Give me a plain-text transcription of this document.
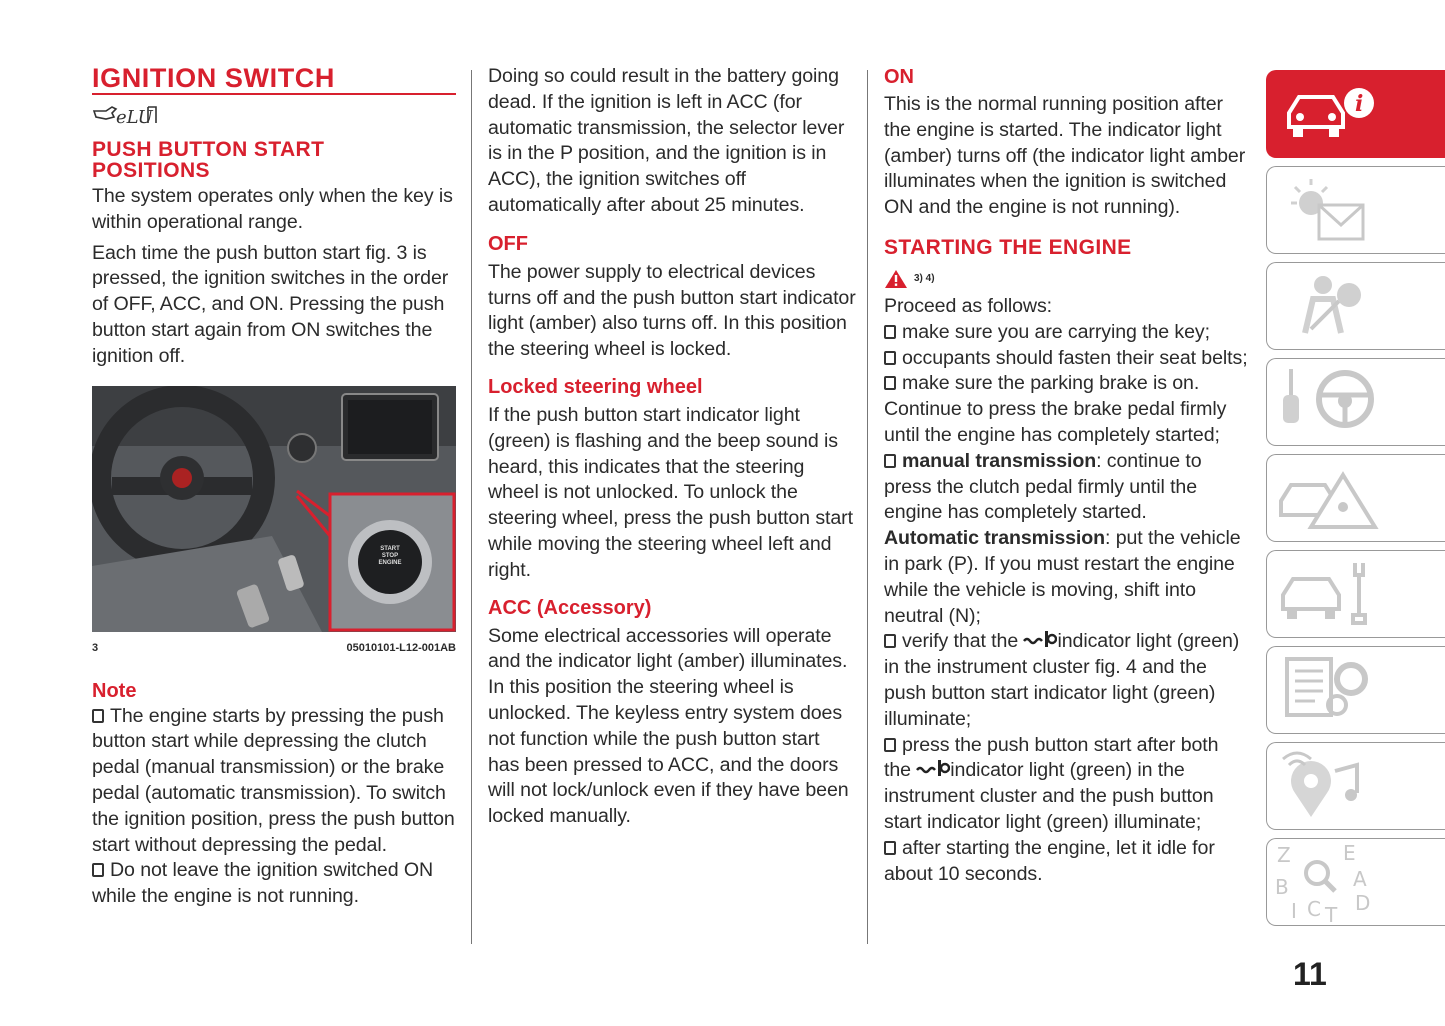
IGNITION SWITCH
eLU
PUSH BUTTON START
POSITIONS

The system operates only when the key is within operational range.

Each time the push button start fig. 3 is pressed, the ignition switches in the order of OFF, ACC, and ON. Pressing the push button start again from ON switches the ignition off.

START
STOP
ENGINE
3	05010101-L12-001AB
Note

The engine starts by pressing the push button start while depressing the clutch pedal (manual transmission) or the brake pedal (automatic transmission). To switch the ignition position, press the push button start without depressing the pedal.

Do not leave the ignition switched ON while the engine is not running.

Doing so could result in the battery going dead. If the ignition is left in ACC (for automatic transmission, the selector lever is in the P position, and the ignition is in ACC), the ignition switches off automatically after about 25 minutes.

OFF

The power supply to electrical devices turns off and the push button start indicator light (amber) also turns off. In this position the steering wheel is locked.

Locked steering wheel

If the push button start indicator light (green) is flashing and the beep sound is heard, this indicates that the steering wheel is not unlocked. To unlock the steering wheel, press the push button start while moving the steering wheel left and right.

ACC (Accessory)

Some electrical accessories will operate and the indicator light (amber) illuminates. In this position the steering wheel is unlocked. The keyless entry system does not function while the push button start has been pressed to ACC, and the doors will not lock/unlock even if they have been locked manually.

ON

This is the normal running position after the engine is started. The indicator light (amber) turns off (the indicator light amber illuminates when the ignition is switched ON and the engine is not running).

STARTING THE ENGINE
3) 4)

Proceed as follows:

make sure you are carrying the key;

occupants should fasten their seat belts;

make sure the parking brake is on. Continue to press the brake pedal firmly until the engine has completely started;

manual transmission: continue to press the clutch pedal firmly until the engine has completely started.

Automatic transmission: put the vehicle in park (P). If you must restart the engine while the vehicle is moving, shift into neutral (N);

verify that the indicator light (green) in the instrument cluster fig. 4 and the push button start indicator light (green) illuminate;

press the push button start after both the indicator light (green) in the instrument cluster and the push button start indicator light (green) illuminate;

after starting the engine, let it idle for about 10 seconds.

i
Z	E
B	A
C D
I T
11
